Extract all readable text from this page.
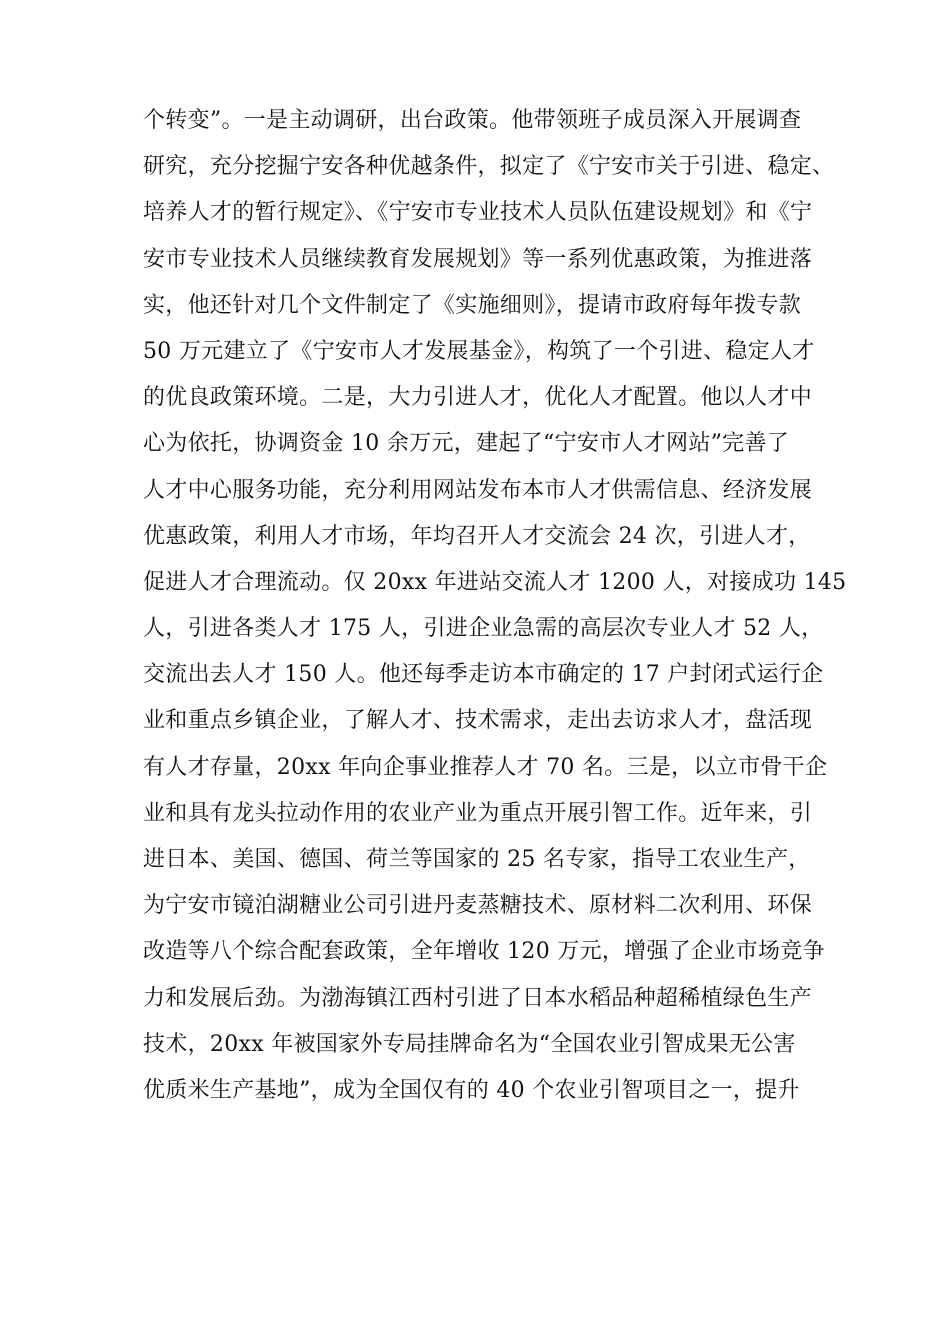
个转变”。一是主动调研，出台政策。他带领班子成员深入开展调查
研究，充分挖掘宁安各种优越条件，拟定了《宁安市关于引进、稳定、
培养人才的暂行规定》、《宁安市专业技术人员队伍建设规划》和《宁
安市专业技术人员继续教育发展规划》等一系列优惠政策，为推进落
实，他还针对几个文件制定了《实施细则》，提请市政府每年拨专款
50 万元建立了《宁安市人才发展基金》，构筑了一个引进、稳定人才
的优良政策环境。二是，大力引进人才，优化人才配置。他以人才中
心为依托，协调资金 10 余万元，建起了“宁安市人才网站”完善了
人才中心服务功能，充分利用网站发布本市人才供需信息、经济发展
优惠政策，利用人才市场，年均召开人才交流会 24 次，引进人才，
促进人才合理流动。仅 20xx 年进站交流人才 1200 人，对接成功 145
人，引进各类人才 175 人，引进企业急需的高层次专业人才 52 人，
交流出去人才 150 人。他还每季走访本市确定的 17 户封闭式运行企
业和重点乡镇企业，了解人才、技术需求，走出去访求人才，盘活现
有人才存量，20xx 年向企事业推荐人才 70 名。三是，以立市骨干企
业和具有龙头拉动作用的农业产业为重点开展引智工作。近年来，引
进日本、美国、德国、荷兰等国家的 25 名专家，指导工农业生产，
为宁安市镜泊湖糖业公司引进丹麦蒸糖技术、原材料二次利用、环保
改造等八个综合配套政策，全年增收 120 万元，增强了企业市场竞争
力和发展后劲。为渤海镇江西村引进了日本水稻品种超稀植绿色生产
技术，20xx 年被国家外专局挂牌命名为“全国农业引智成果无公害
优质米生产基地”，成为全国仅有的 40 个农业引智项目之一，提升
